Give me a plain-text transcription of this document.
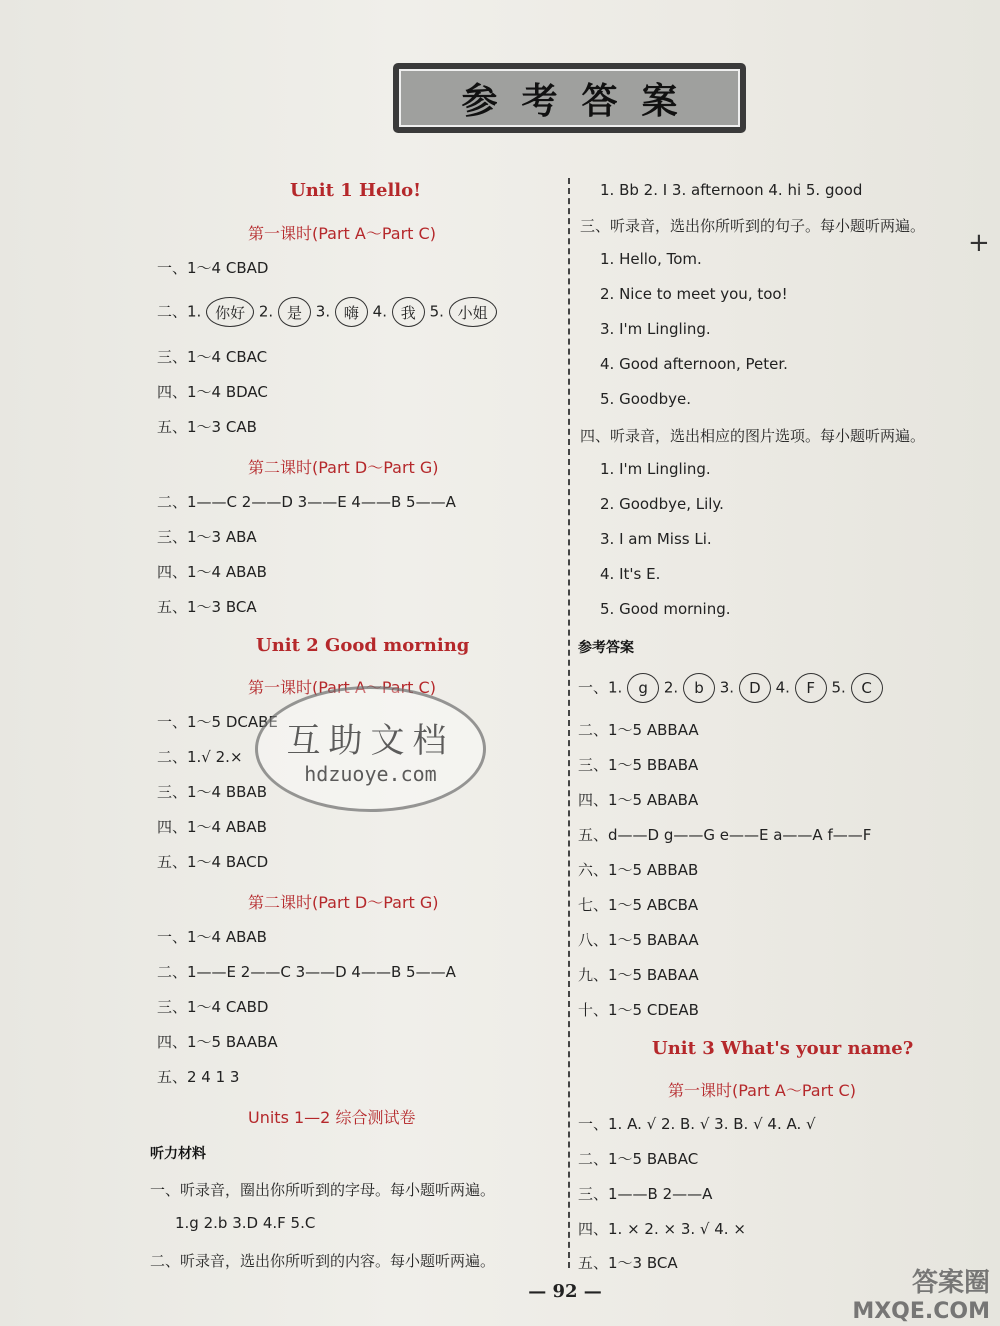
参考答案
+
Unit 1 Hello!
第一课时(Part A～Part C)
一、1～4 CBAD
二、1. 你好 2. 是 3. 嗨 4. 我 5. 小姐
三、1～4 CBAC
四、1～4 BDAC
五、1～3 CAB
第二课时(Part D～Part G)
二、1——C 2——D 3——E 4——B 5——A
三、1～3 ABA
四、1～4 ABAB
五、1～3 BCA
Unit 2 Good morning
第一课时(Part A～Part C)
一、1～5 DCABE
二、1.√ 2.×
三、1～4 BBAB
四、1～4 ABAB
五、1～4 BACD
互助文档
hdzuoye.com
第二课时(Part D～Part G)
一、1～4 ABAB
二、1——E 2——C 3——D 4——B 5——A
三、1～4 CABD
四、1～5 BAABA
五、2 4 1 3
Units 1—2 综合测试卷
听力材料
一、听录音，圈出你所听到的字母。每小题听两遍。
1.g 2.b 3.D 4.F 5.C
二、听录音，选出你所听到的内容。每小题听两遍。
1. Bb 2. I 3. afternoon 4. hi 5. good
三、听录音，选出你所听到的句子。每小题听两遍。
1. Hello, Tom.
2. Nice to meet you, too!
3. I'm Lingling.
4. Good afternoon, Peter.
5. Goodbye.
四、听录音，选出相应的图片选项。每小题听两遍。
1. I'm Lingling.
2. Goodbye, Lily.
3. I am Miss Li.
4. It's E.
5. Good morning.
参考答案
一、1. g 2. b 3. D 4. F 5. C
二、1～5 ABBAA
三、1～5 BBABA
四、1～5 ABABA
五、d——D g——G e——E a——A f——F
六、1～5 ABBAB
七、1～5 ABCBA
八、1～5 BABAA
九、1～5 BABAA
十、1～5 CDEAB
Unit 3 What's your name?
第一课时(Part A～Part C)
一、1. A. √ 2. B. √ 3. B. √ 4. A. √
二、1～5 BABAC
三、1——B 2——A
四、1. × 2. × 3. √ 4. ×
五、1～3 BCA
— 92 —	答案圈
MXQE.COM
